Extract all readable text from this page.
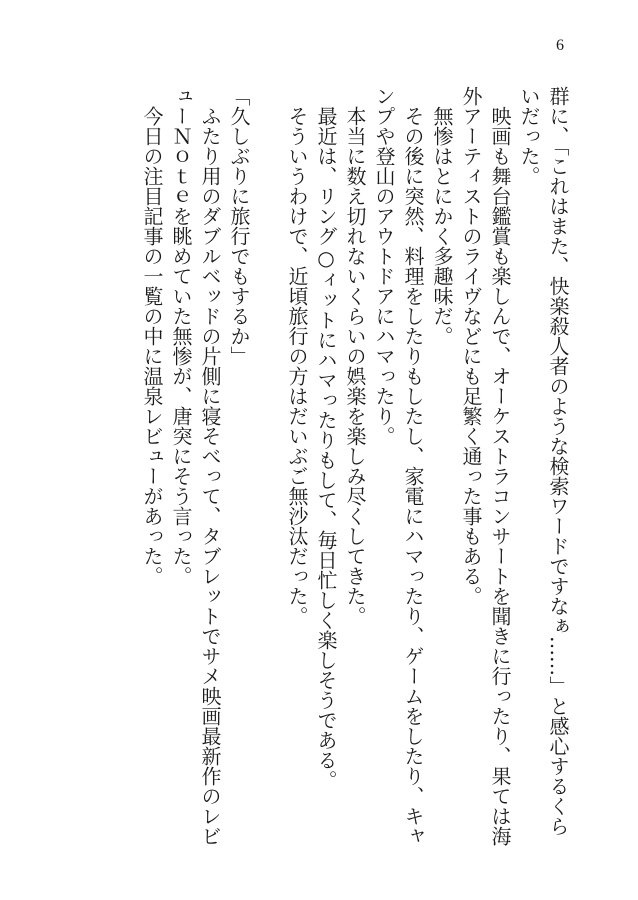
6
群に、「これはまた、快楽殺人者のような検索ワードですなぁ……」と感心するくら
いだった。
　映画も舞台鑑賞も楽しんで、オーケストラコンサートを聞きに行ったり、果ては海
外アーティストのライヴなどにも足繁く通った事もある。
　無惨はとにかく多趣味だ。
　その後に突然、料理をしたりもしたし、家電にハマったり、ゲームをしたり、キャ
ンプや登山のアウトドアにハマったり。
　本当に数え切れないくらいの娯楽を楽しみ尽くしてきた。
　最近は、リング○ィットにハマったりもして、毎日忙しく楽しそうである。
　そういうわけで、近頃旅行の方はだいぶご無沙汰だった。
「久しぶりに旅行でもするか」
　ふたり用のダブルベッドの片側に寝そべって、タブレットでサメ映画最新作のレビ
ューＮｏｔｅを眺めていた無惨が、唐突にそう言った。
　今日の注目記事の一覧の中に温泉レビューがあった。
